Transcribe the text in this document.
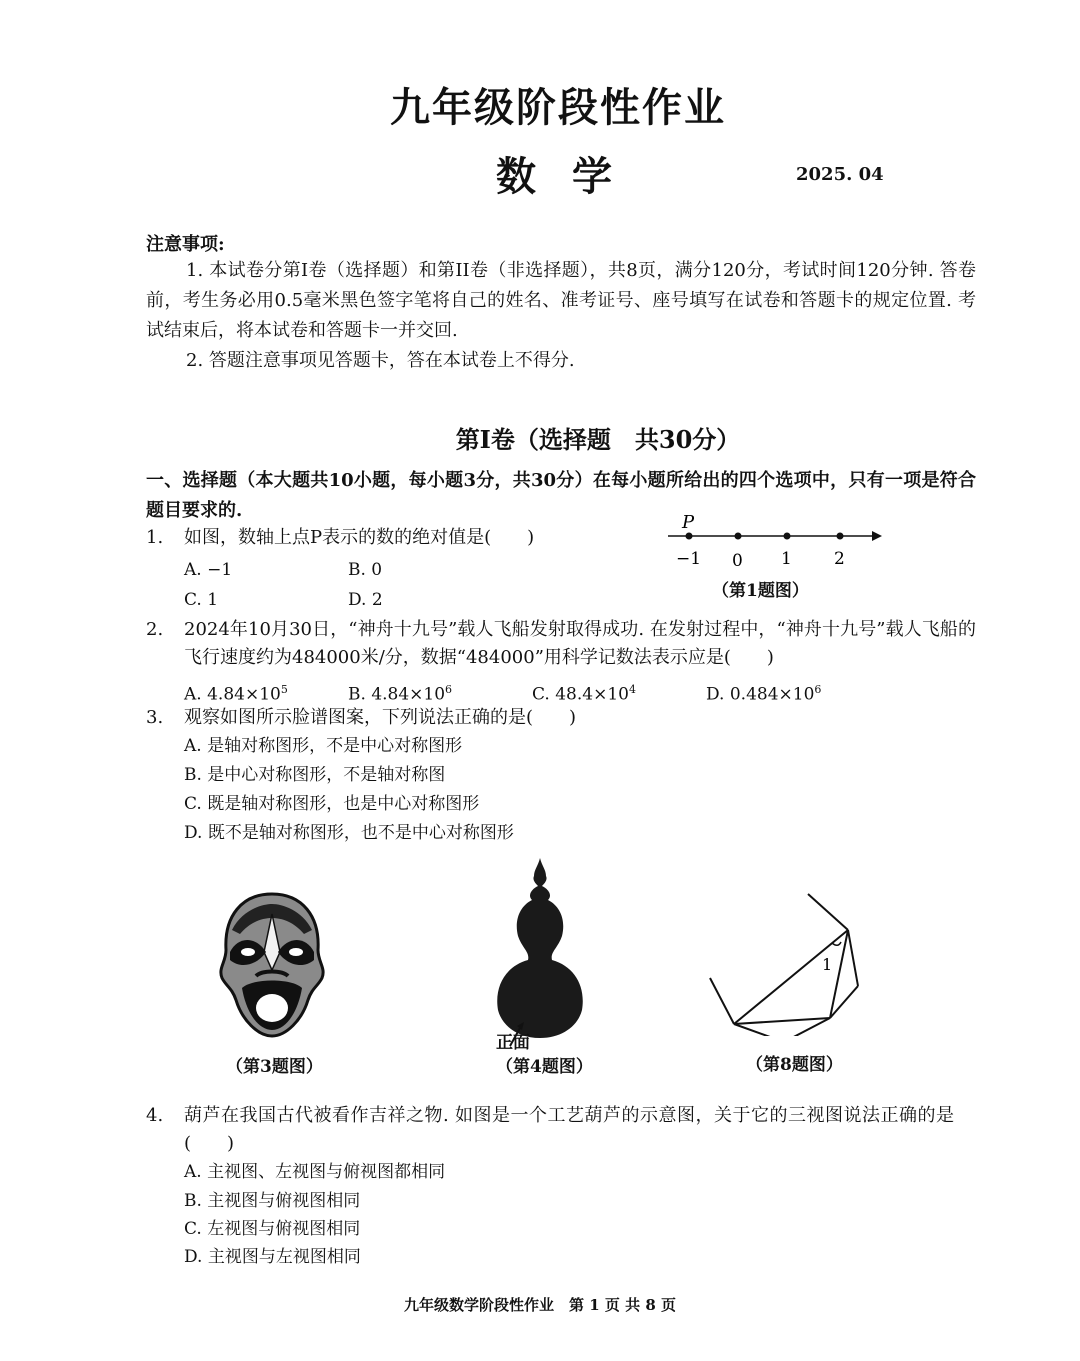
九年级阶段性作业
数学	2025. 04
注意事项:
1. 本试卷分第Ⅰ卷（选择题）和第II卷（非选择题），共8页，满分120分，考试时间120分钟. 答卷前，考生务必用0.5毫米黑色签字笔将自己的姓名、准考证号、座号填写在试卷和答题卡的规定位置. 考试结束后，将本试卷和答题卡一并交回.
2. 答题注意事项见答题卡，答在本试卷上不得分.
第Ⅰ卷（选择题　共30分）
一、选择题（本大题共10小题，每小题3分，共30分）在每小题所给出的四个选项中，只有一项是符合题目要求的.
1. 如图，数轴上点P表示的数的绝对值是(　　)
A. −1	B. 0
C. 1	D. 2
P
−1 0 1 2
（第1题图）
2. 2024年10月30日，“神舟十九号”载人飞船发射取得成功. 在发射过程中，“神舟十九号”载人飞船的飞行速度约为484000米/分，数据“484000”用科学记数法表示应是(　　)
A. $4.84\times 10^5$	B. $4.84\times 10^6$	C. $48.4\times 10^4$	D. $0.484\times 10^6$
3. 观察如图所示脸谱图案，下列说法正确的是(　　)
A. 是轴对称图形，不是中心对称图形
B. 是中心对称图形，不是轴对称图
C. 既是轴对称图形，也是中心对称图形
D. 既不是轴对称图形，也不是中心对称图形
（第3题图）
正面
（第4题图）
1
（第8题图）
4. 葫芦在我国古代被看作吉祥之物. 如图是一个工艺葫芦的示意图，关于它的三视图说法正确的是(　　)
A. 主视图、左视图与俯视图都相同
B. 主视图与俯视图相同
C. 左视图与俯视图相同
D. 主视图与左视图相同
九年级数学阶段性作业　第 1 页 共 8 页
